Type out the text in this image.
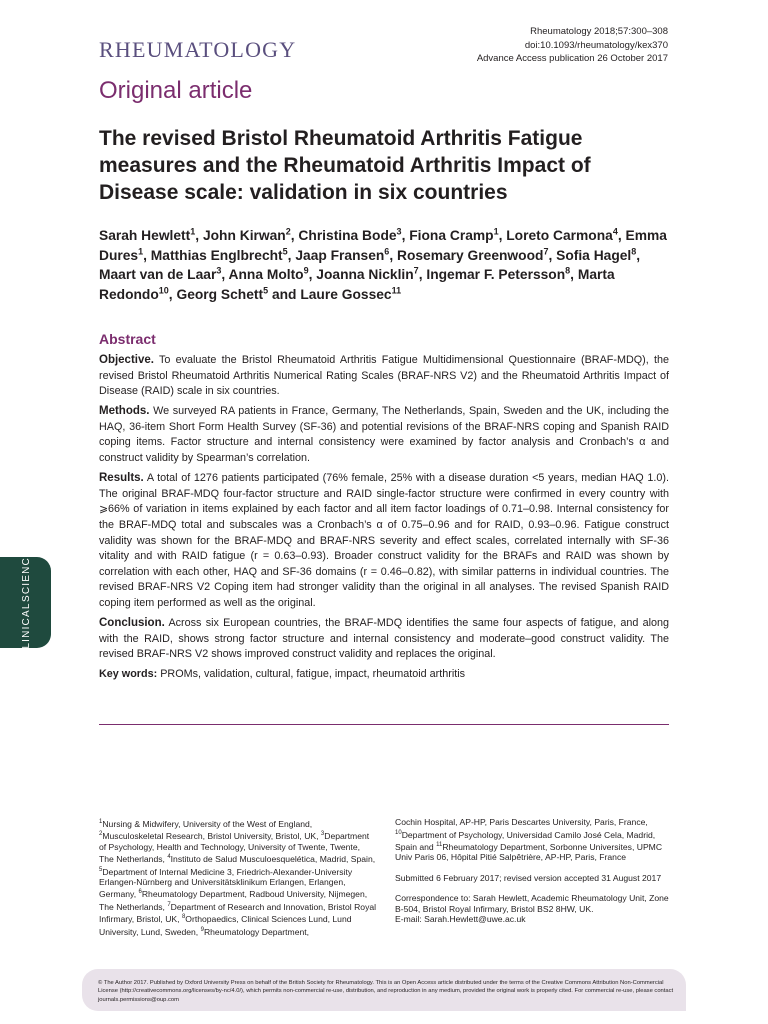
RHEUMATOLOGY
Rheumatology 2018;57:300–308
doi:10.1093/rheumatology/kex370
Advance Access publication 26 October 2017
Original article
The revised Bristol Rheumatoid Arthritis Fatigue measures and the Rheumatoid Arthritis Impact of Disease scale: validation in six countries
Sarah Hewlett$^1$, John Kirwan$^2$, Christina Bode$^3$, Fiona Cramp$^1$, Loreto Carmona$^4$, Emma Dures$^1$, Matthias Englbrecht$^5$, Jaap Fransen$^6$, Rosemary Greenwood$^7$, Sofia Hagel$^8$, Maart van de Laar$^3$, Anna Molto$^9$, Joanna Nicklin$^7$, Ingemar F. Petersson$^8$, Marta Redondo$^{10}$, Georg Schett$^5$ and Laure Gossec$^{11}$
Abstract

Objective. To evaluate the Bristol Rheumatoid Arthritis Fatigue Multidimensional Questionnaire (BRAF-MDQ), the revised Bristol Rheumatoid Arthritis Numerical Rating Scales (BRAF-NRS V2) and the Rheumatoid Arthritis Impact of Disease (RAID) scale in six countries.

Methods. We surveyed RA patients in France, Germany, The Netherlands, Spain, Sweden and the UK, including the HAQ, 36-item Short Form Health Survey (SF-36) and potential revisions of the BRAF-NRS coping and Spanish RAID coping items. Factor structure and internal consistency were examined by factor analysis and Cronbach’s α and construct validity by Spearman’s correlation.

Results. A total of 1276 patients participated (76% female, 25% with a disease duration <5 years, median HAQ 1.0). The original BRAF-MDQ four-factor structure and RAID single-factor structure were confirmed in every country with ⩾66% of variation in items explained by each factor and all item factor loadings of 0.71–0.98. Internal consistency for the BRAF-MDQ total and subscales was a Cronbach’s α of 0.75–0.96 and for RAID, 0.93–0.96. Fatigue construct validity was shown for the BRAF-MDQ and BRAF-NRS severity and effect scales, correlated internally with SF-36 vitality and with RAID fatigue (r = 0.63–0.93). Broader construct validity for the BRAFs and RAID was shown by correlation with each other, HAQ and SF-36 domains (r = 0.46–0.82), with similar patterns in individual countries. The revised BRAF-NRS V2 Coping item had stronger validity than the original in all analyses. The revised Spanish RAID coping item performed as well as the original.

Conclusion. Across six European countries, the BRAF-MDQ identifies the same four aspects of fatigue, and along with the RAID, shows strong factor structure and internal consistency and moderate–good construct validity. The revised BRAF-NRS V2 shows improved construct validity and replaces the original.

Key words: PROMs, validation, cultural, fatigue, impact, rheumatoid arthritis

CLINICAL
SCIENCE
$^1$Nursing & Midwifery, University of the West of England, $^2$Musculoskeletal Research, Bristol University, Bristol, UK, $^3$Department of Psychology, Health and Technology, University of Twente, Twente, The Netherlands, $^4$Instituto de Salud Musculoesquelética, Madrid, Spain, $^5$Department of Internal Medicine 3, Friedrich-Alexander-University Erlangen-Nürnberg and Universitätsklinikum Erlangen, Erlangen, Germany, $^6$Rheumatology Department, Radboud University, Nijmegen, The Netherlands, $^7$Department of Research and Innovation, Bristol Royal Infirmary, Bristol, UK, $^8$Orthopaedics, Clinical Sciences Lund, Lund University, Lund, Sweden, $^9$Rheumatology Department,

Cochin Hospital, AP-HP, Paris Descartes University, Paris, France, $^{10}$Department of Psychology, Universidad Camilo José Cela, Madrid, Spain and $^{11}$Rheumatology Department, Sorbonne Universites, UPMC Univ Paris 06, Hôpital Pitié Salpêtrière, AP-HP, Paris, France

Submitted 6 February 2017; revised version accepted 31 August 2017

Correspondence to: Sarah Hewlett, Academic Rheumatology Unit, Zone B-504, Bristol Royal Infirmary, Bristol BS2 8HW, UK.
E-mail: Sarah.Hewlett@uwe.ac.uk
© The Author 2017. Published by Oxford University Press on behalf of the British Society for Rheumatology. This is an Open Access article distributed under the terms of the Creative Commons Attribution Non-Commercial License (http://creativecommons.org/licenses/by-nc/4.0/), which permits non-commercial re-use, distribution, and reproduction in any medium, provided the original work is properly cited. For commercial re-use, please contact journals.permissions@oup.com
